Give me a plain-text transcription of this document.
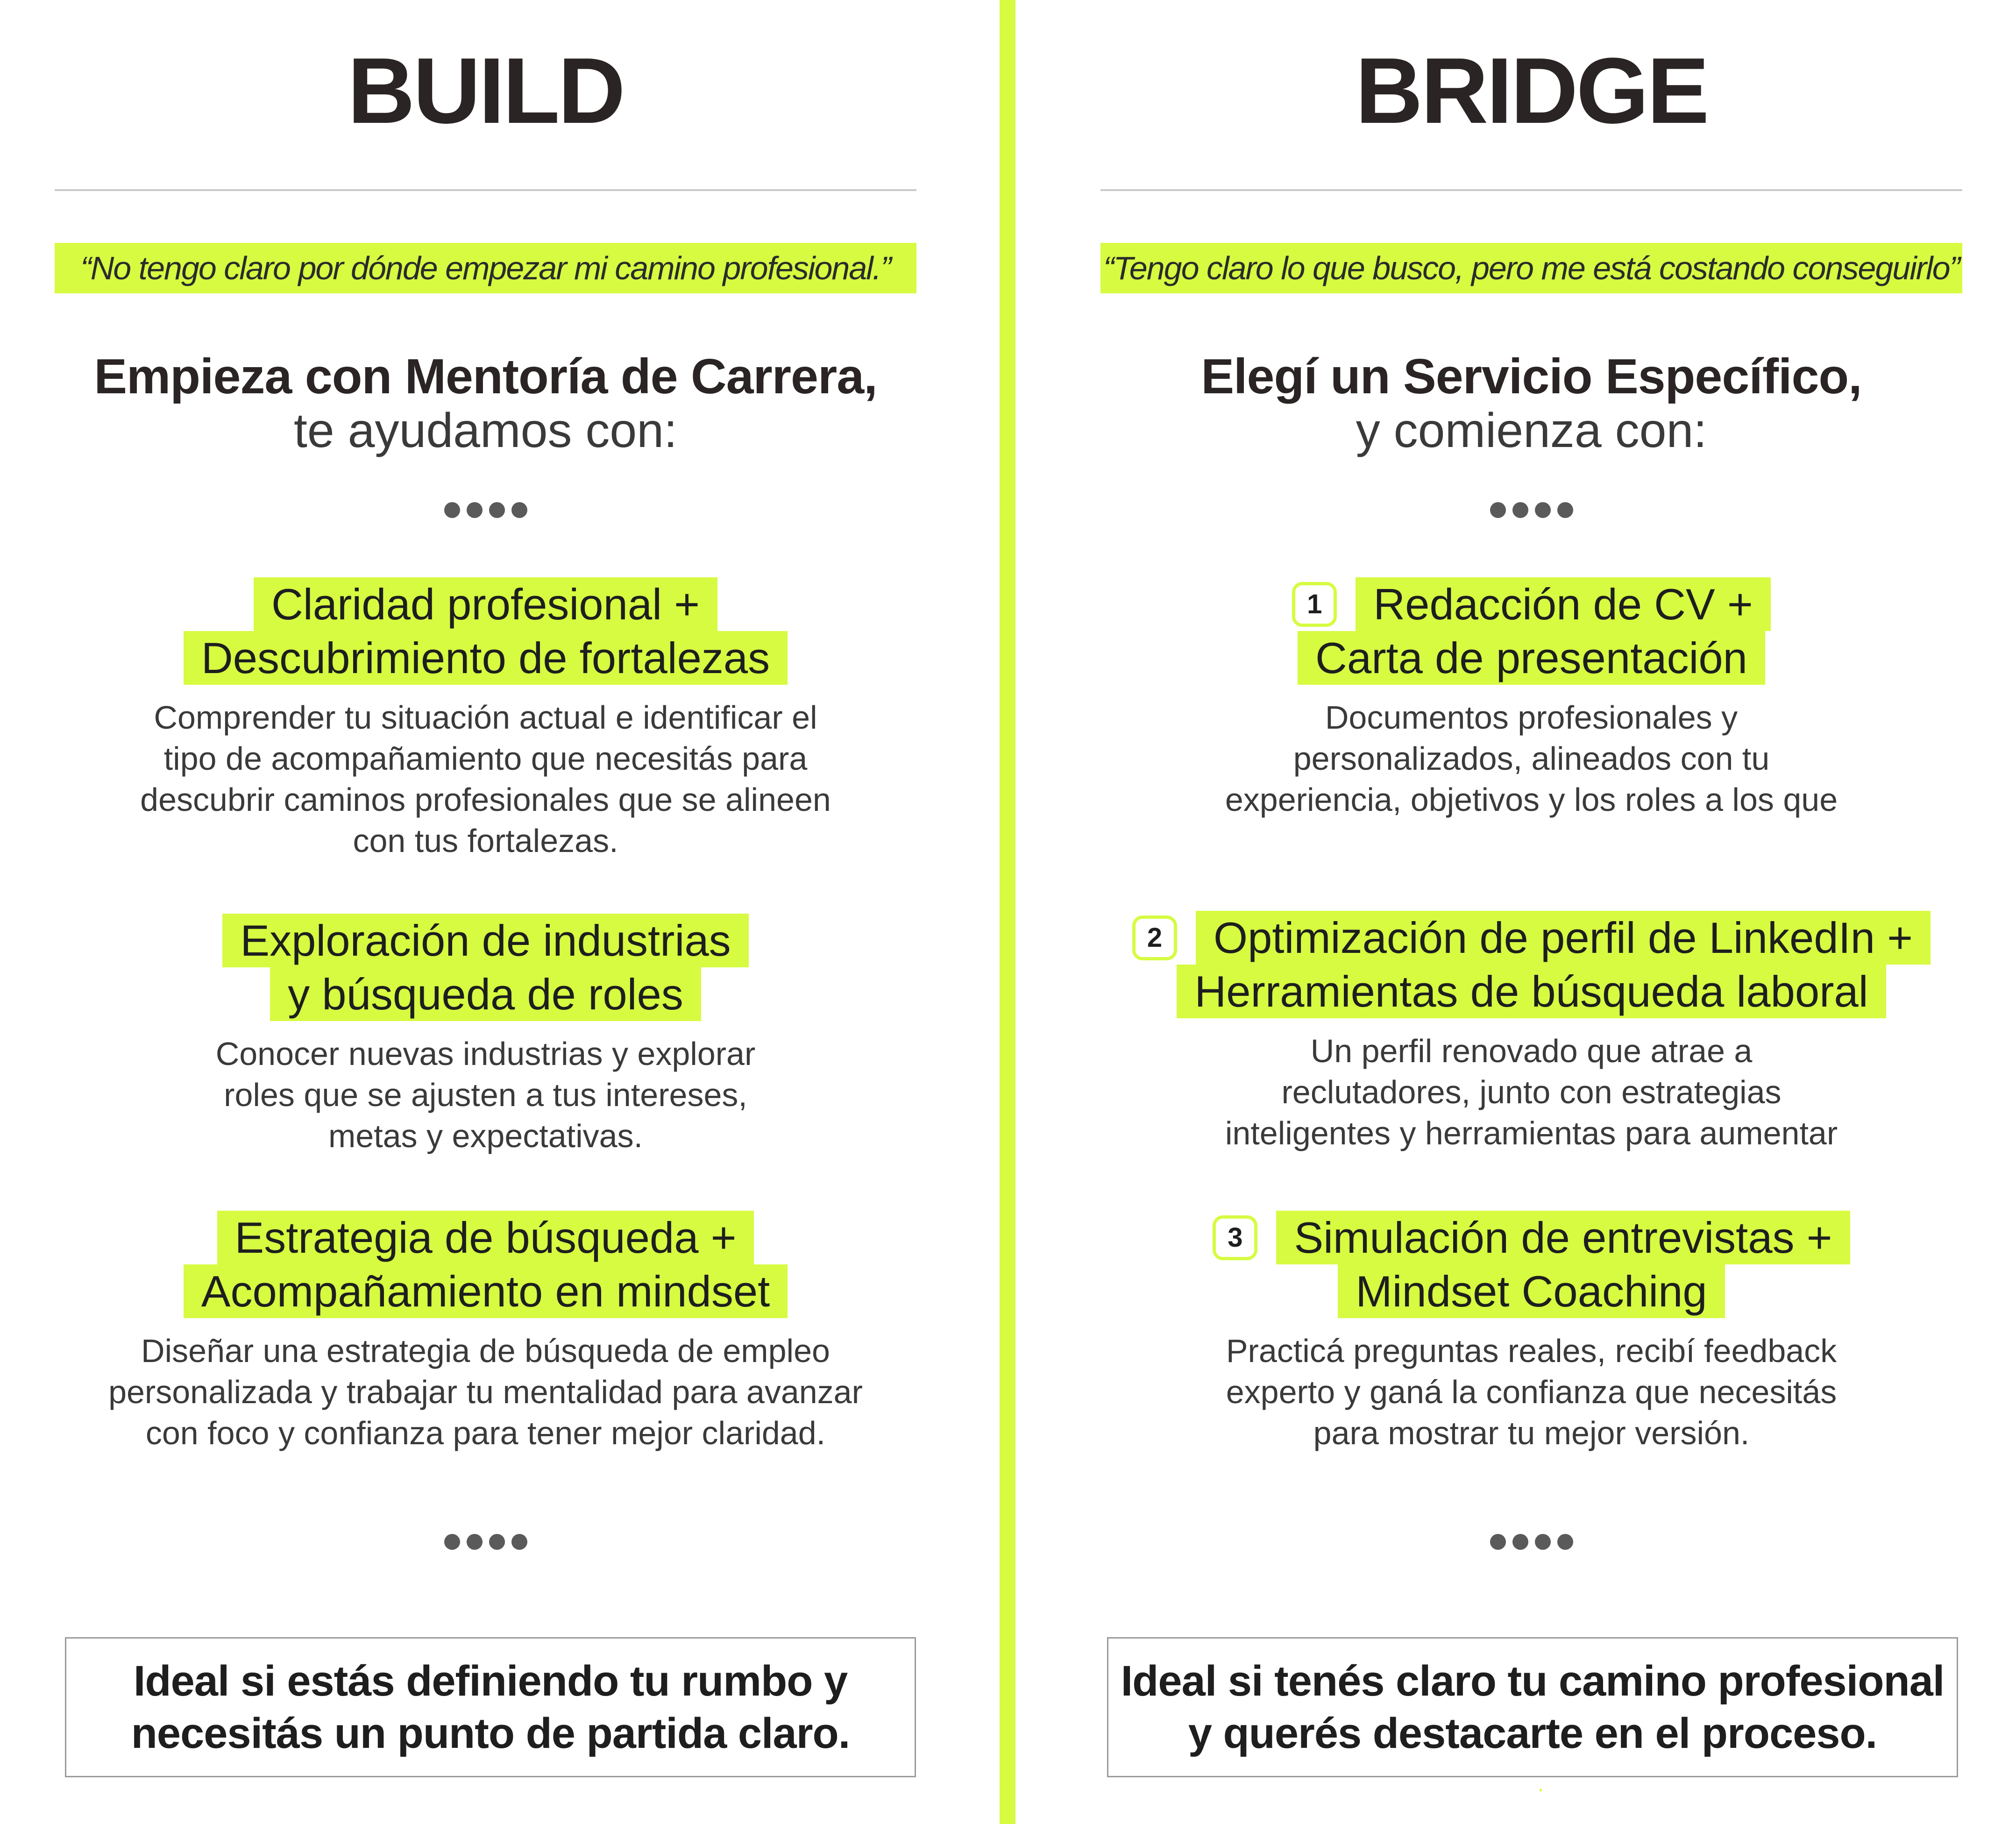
BUILD
“No tengo claro por dónde empezar mi camino profesional.”
Empieza con Mentoría de Carrera,
te ayudamos con:
Claridad profesional +
Descubrimiento de fortalezas
Comprender tu situación actual e identificar el
tipo de acompañamiento que necesitás para
descubrir caminos profesionales que se alineen
con tus fortalezas.
Exploración de industrias
y búsqueda de roles
Conocer nuevas industrias y explorar
roles que se ajusten a tus intereses,
metas y expectativas.
Estrategia de búsqueda +
Acompañamiento en mindset
Diseñar una estrategia de búsqueda de empleo
personalizada y trabajar tu mentalidad para avanzar
con foco y confianza para tener mejor claridad.
Ideal si estás definiendo tu rumbo y
necesitás un punto de partida claro.
BRIDGE
“Tengo claro lo que busco, pero me está costando conseguirlo”
Elegí un Servicio Específico,
y comienza con:
1	Redacción de CV +
Carta de presentación
Documentos profesionales y
personalizados, alineados con tu
experiencia, objetivos y los roles a los que
2	Optimización de perfil de LinkedIn +
Herramientas de búsqueda laboral
Un perfil renovado que atrae a
reclutadores, junto con estrategias
inteligentes y herramientas para aumentar
3	Simulación de entrevistas +
Mindset Coaching
Practicá preguntas reales, recibí feedback
experto y ganá la confianza que necesitás
para mostrar tu mejor versión.
Ideal si tenés claro tu camino profesional
y querés destacarte en el proceso.
